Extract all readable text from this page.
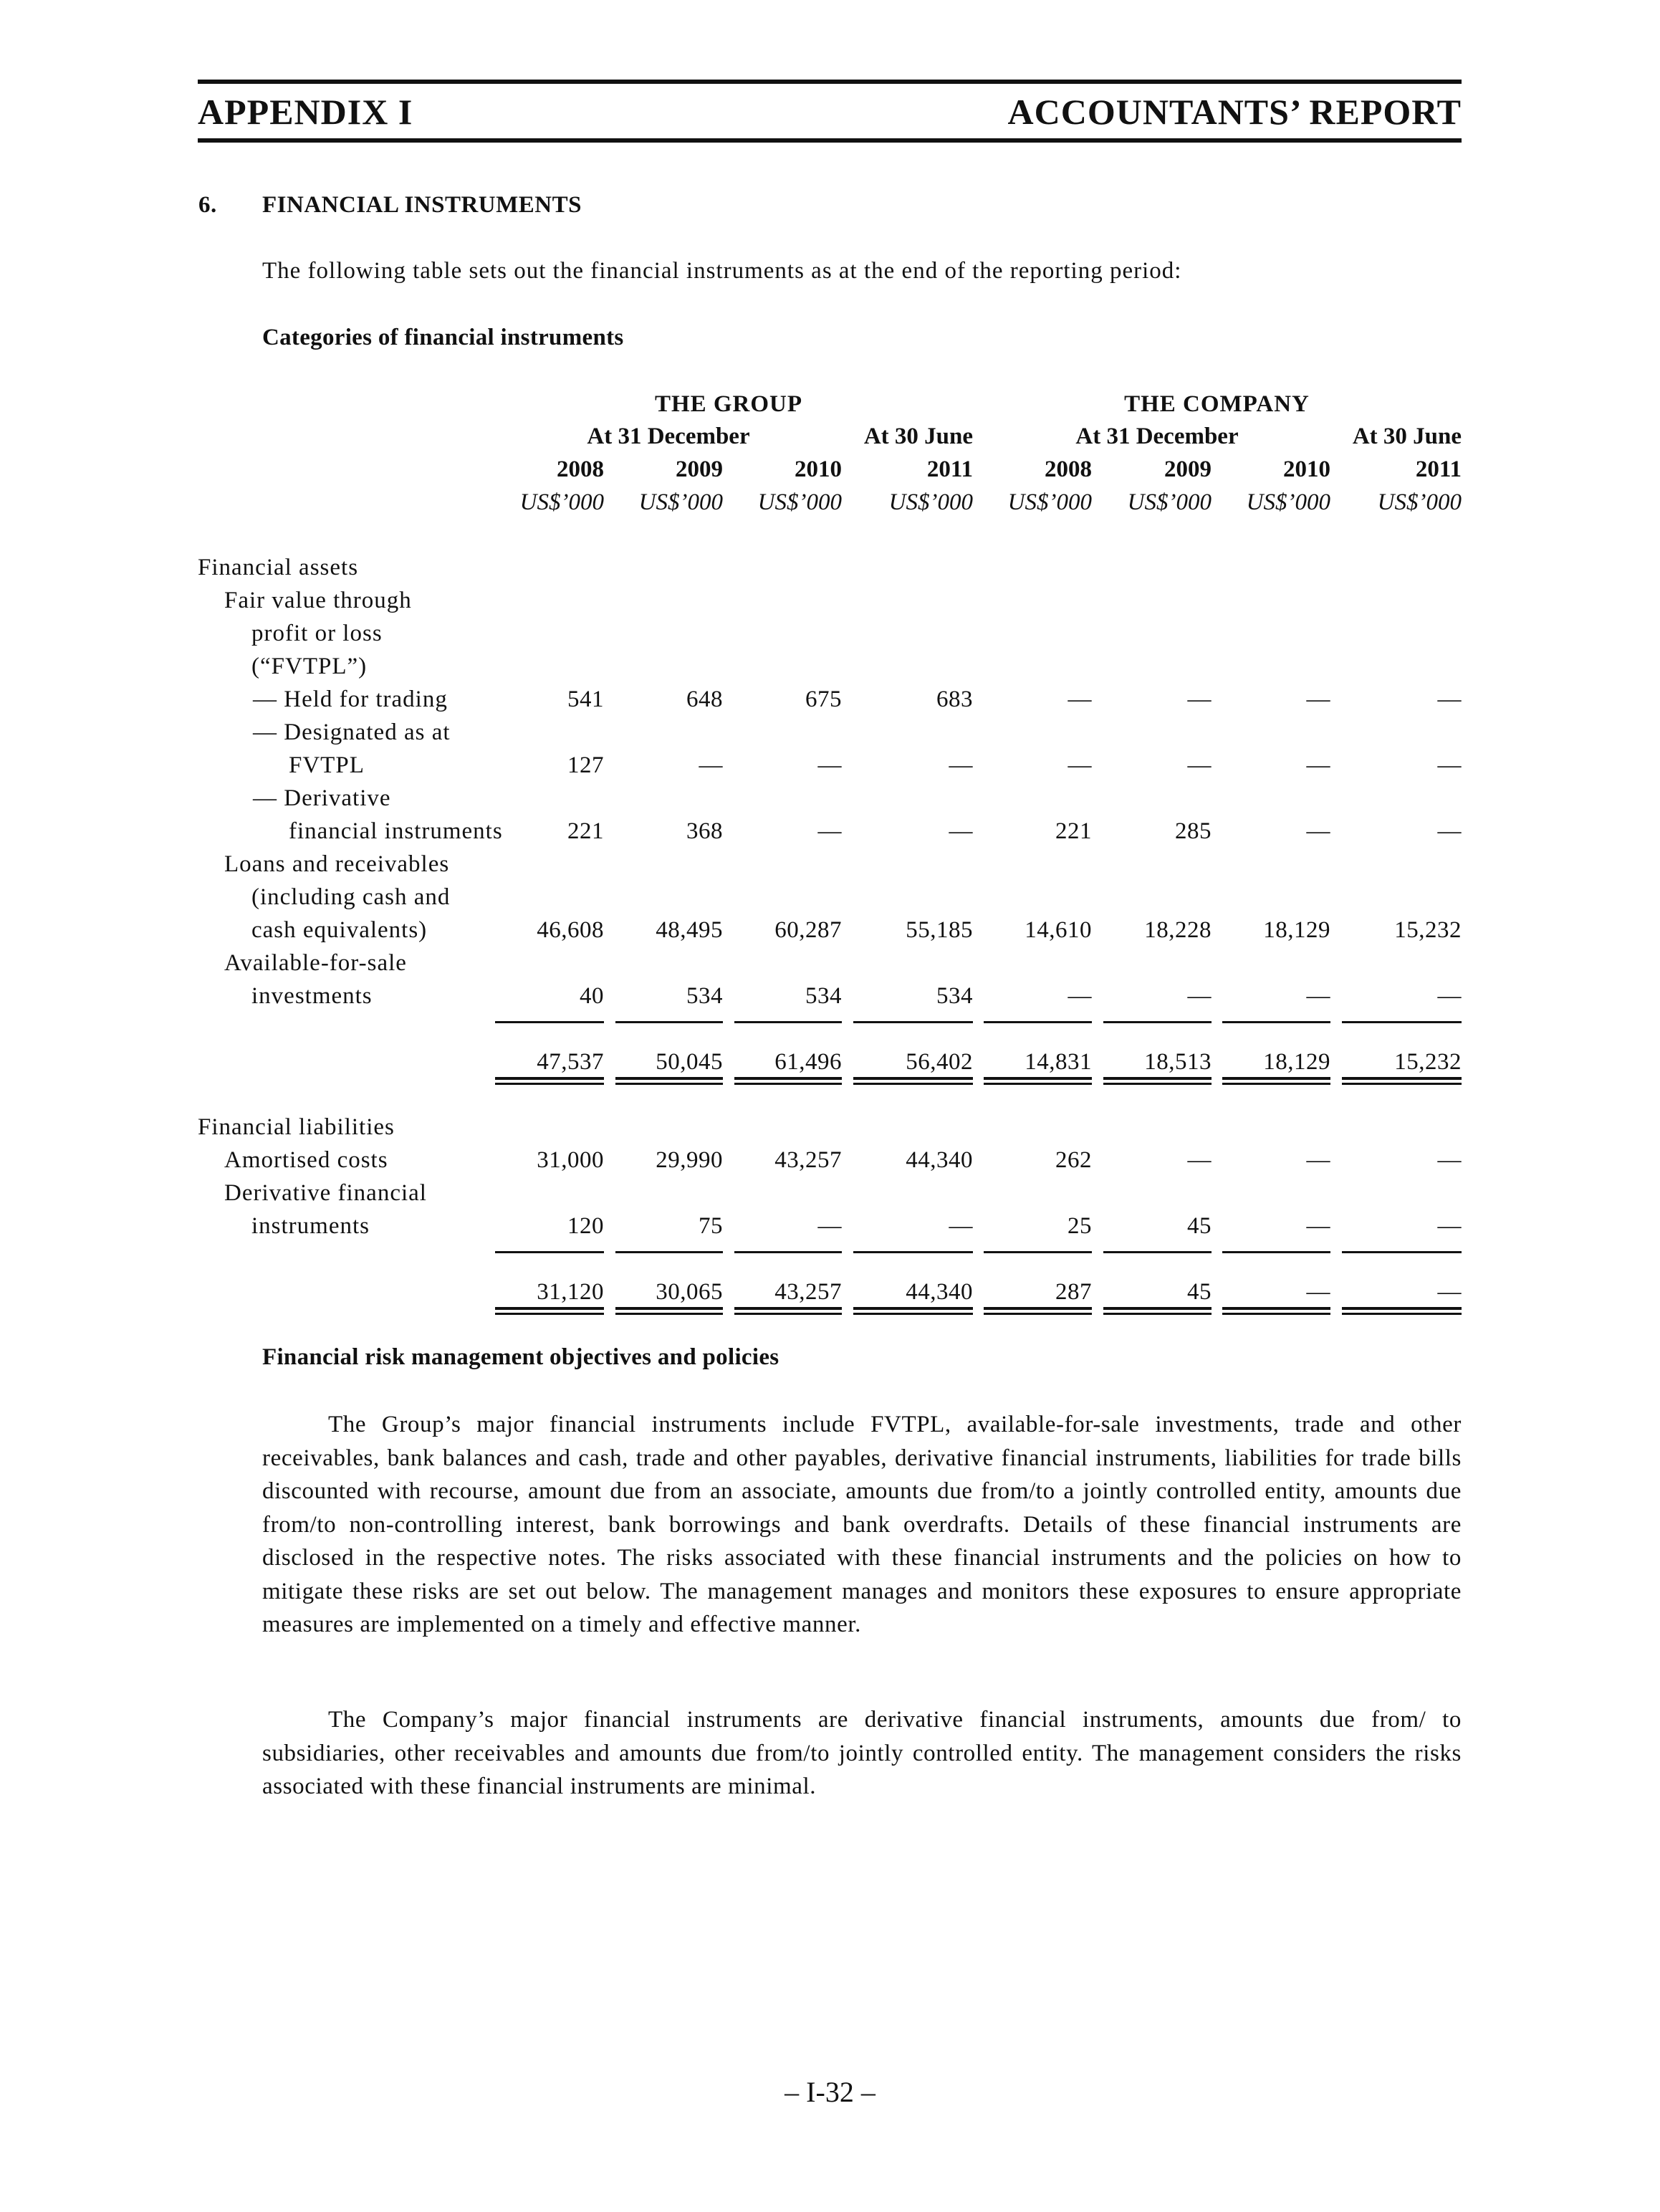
APPENDIX I	ACCOUNTANTS’ REPORT
6. FINANCIAL INSTRUMENTS
The following table sets out the financial instruments as at the end of the reporting period:
Categories of financial instruments
THE GROUP	THE COMPANY
At 31 December	At 30 June	At 31 December	At 30 June
2008	2009	2010	2011	2008	2009	2010	2011
US$’000	US$’000	US$’000	US$’000	US$’000	US$’000	US$’000	US$’000
Financial assets
Fair value through
profit or loss
(“FVTPL”)
— Held for trading	541	648	675	683	—	—	—	—
— Designated as at
FVTPL	127	—	—	—	—	—	—	—
— Derivative
financial instruments	221	368	—	—	221	285	—	—
Loans and receivables
(including cash and
cash equivalents)	46,608	48,495	60,287	55,185	14,610	18,228	18,129	15,232
Available-for-sale
investments	40	534	534	534	—	—	—	—
47,537	50,045	61,496	56,402	14,831	18,513	18,129	15,232
Financial liabilities
Amortised costs	31,000	29,990	43,257	44,340	262	—	—	—
Derivative financial
instruments	120	75	—	—	25	45	—	—
31,120	30,065	43,257	44,340	287	45	—	—
Financial risk management objectives and policies
The Group’s major financial instruments include FVTPL, available-for-sale investments, trade and other receivables, bank balances and cash, trade and other payables, derivative financial instruments, liabilities for trade bills discounted with recourse, amount due from an associate, amounts due from/to a jointly controlled entity, amounts due from/to non-controlling interest, bank borrowings and bank overdrafts. Details of these financial instruments are disclosed in the respective notes. The risks associated with these financial instruments and the policies on how to mitigate these risks are set out below. The management manages and monitors these exposures to ensure appropriate measures are implemented on a timely and effective manner.
The Company’s major financial instruments are derivative financial instruments, amounts due from/ to subsidiaries, other receivables and amounts due from/to jointly controlled entity. The management considers the risks associated with these financial instruments are minimal.
– I-32 –
